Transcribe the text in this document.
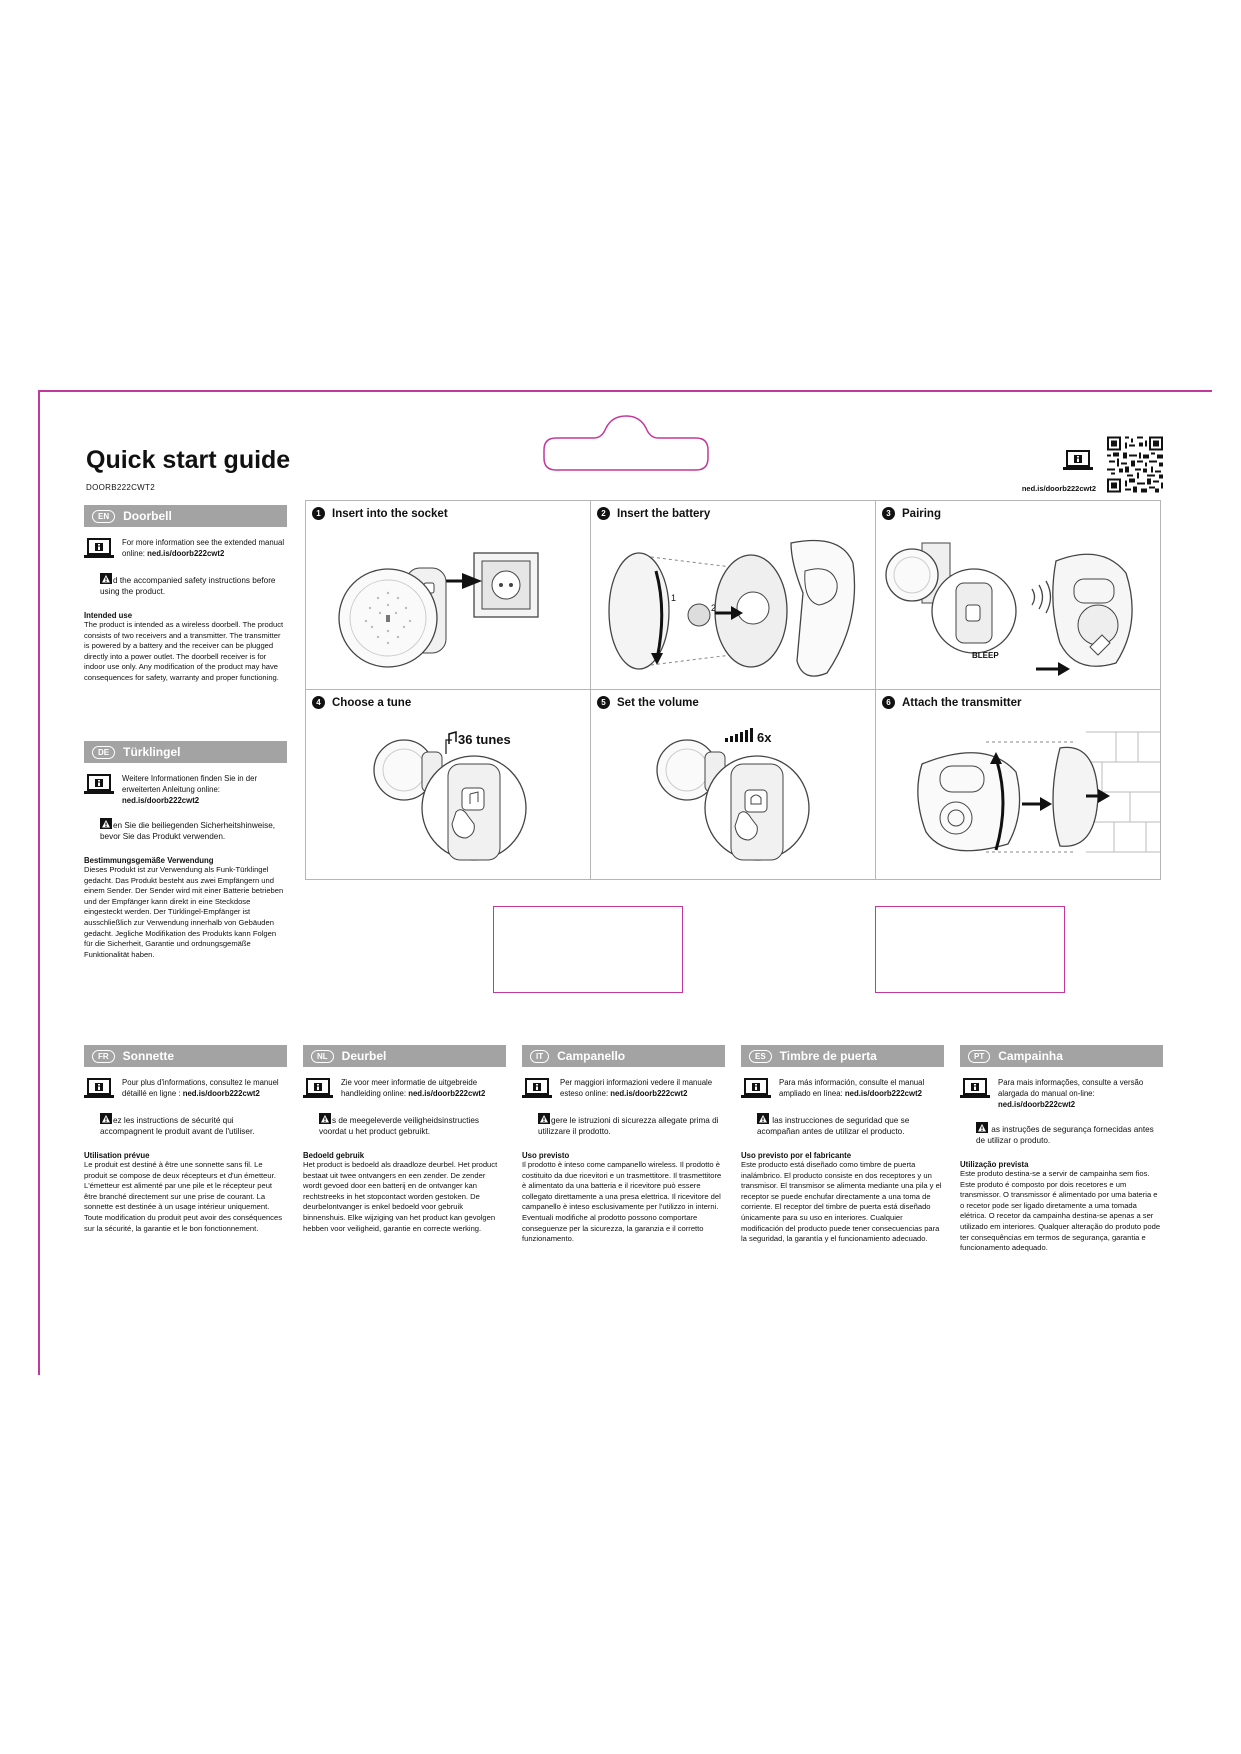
Quick start guide
DOORB222CWT2	ned.is/doorb222cwt2
EN	Doorbell
For more information see the extended manual online: ned.is/doorb222cwt2
d the accompanied safety instructions before using the product.
Intended use
The product is intended as a wireless doorbell. The product consists of two receivers and a transmitter. The transmitter is powered by a battery and the receiver can be plugged directly into a power outlet. The doorbell receiver is for indoor use only. Any modification of the product may have consequences for safety, warranty and proper functioning.
DE	Türklingel
Weitere Informationen finden Sie in der erweiterten Anleitung online: ned.is/doorb222cwt2
en Sie die beiliegenden Sicherheitshinweise, bevor Sie das Produkt verwenden.
Bestimmungsgemäße Verwendung
Dieses Produkt ist zur Verwendung als Funk-Türklingel gedacht. Das Produkt besteht aus zwei Empfängern und einem Sender. Der Sender wird mit einer Batterie betrieben und der Empfänger kann direkt in eine Steckdose eingesteckt werden. Der Türklingel-Empfänger ist ausschließlich zur Verwendung innerhalb von Gebäuden gedacht. Jegliche Modifikation des Produkts kann Folgen für die Sicherheit, Garantie und ordnungsgemäße Funktionalität haben.
FR	Sonnette
Pour plus d'informations, consultez le manuel détaillé en ligne : ned.is/doorb222cwt2
ez les instructions de sécurité qui accompagnent le produit avant de l'utiliser.
Utilisation prévue
Le produit est destiné à être une sonnette sans fil. Le produit se compose de deux récepteurs et d'un émetteur. L'émetteur est alimenté par une pile et le récepteur peut être branché directement sur une prise de courant. La sonnette est destinée à un usage intérieur uniquement. Toute modification du produit peut avoir des conséquences sur la sécurité, la garantie et le bon fonctionnement.
NL	Deurbel
Zie voor meer informatie de uitgebreide handleiding online: ned.is/doorb222cwt2
s de meegeleverde veiligheidsinstructies voordat u het product gebruikt.
Bedoeld gebruik
Het product is bedoeld als draadloze deurbel. Het product bestaat uit twee ontvangers en een zender. De zender wordt gevoed door een batterij en de ontvanger kan rechtstreeks in het stopcontact worden gestoken. De deurbelontvanger is enkel bedoeld voor gebruik binnenshuis. Elke wijziging van het product kan gevolgen hebben voor veiligheid, garantie en correcte werking.
IT	Campanello
Per maggiori informazioni vedere il manuale esteso online: ned.is/doorb222cwt2
gere le istruzioni di sicurezza allegate prima di utilizzare il prodotto.
Uso previsto
Il prodotto è inteso come campanello wireless. Il prodotto è costituito da due ricevitori e un trasmettitore. Il trasmettitore è alimentato da una batteria e il ricevitore può essere collegato direttamente a una presa elettrica. Il ricevitore del campanello è inteso esclusivamente per l'utilizzo in interni. Eventuali modifiche al prodotto possono comportare conseguenze per la sicurezza, la garanzia e il corretto funzionamento.
ES	Timbre de puerta
Para más información, consulte el manual ampliado en línea: ned.is/doorb222cwt2
las instrucciones de seguridad que se acompañan antes de utilizar el producto.
Uso previsto por el fabricante
Este producto está diseñado como timbre de puerta inalámbrico. El producto consiste en dos receptores y un transmisor. El transmisor se alimenta mediante una pila y el receptor se puede enchufar directamente a una toma de corriente. El receptor del timbre de puerta está diseñado únicamente para su uso en interiores. Cualquier modificación del producto puede tener consecuencias para la seguridad, la garantía y el funcionamiento adecuado.
PT	Campainha
Para mais informações, consulte a versão alargada do manual on-line: ned.is/doorb222cwt2
as instruções de segurança fornecidas antes de utilizar o produto.
Utilização prevista
Este produto destina-se a servir de campainha sem fios. Este produto é composto por dois recetores e um transmissor. O transmissor é alimentado por uma bateria e o recetor pode ser ligado diretamente a uma tomada elétrica. O recetor da campainha destina-se apenas a ser utilizado em interiores. Qualquer alteração do produto pode ter consequências em termos de segurança, garantia e funcionamento adequado.
1 Insert into the socket	2 Insert the battery
1
2
3 Pairing
BLEEP
4 Choose a tune
36 tunes
5 Set the volume
6x
6 Attach the transmitter
